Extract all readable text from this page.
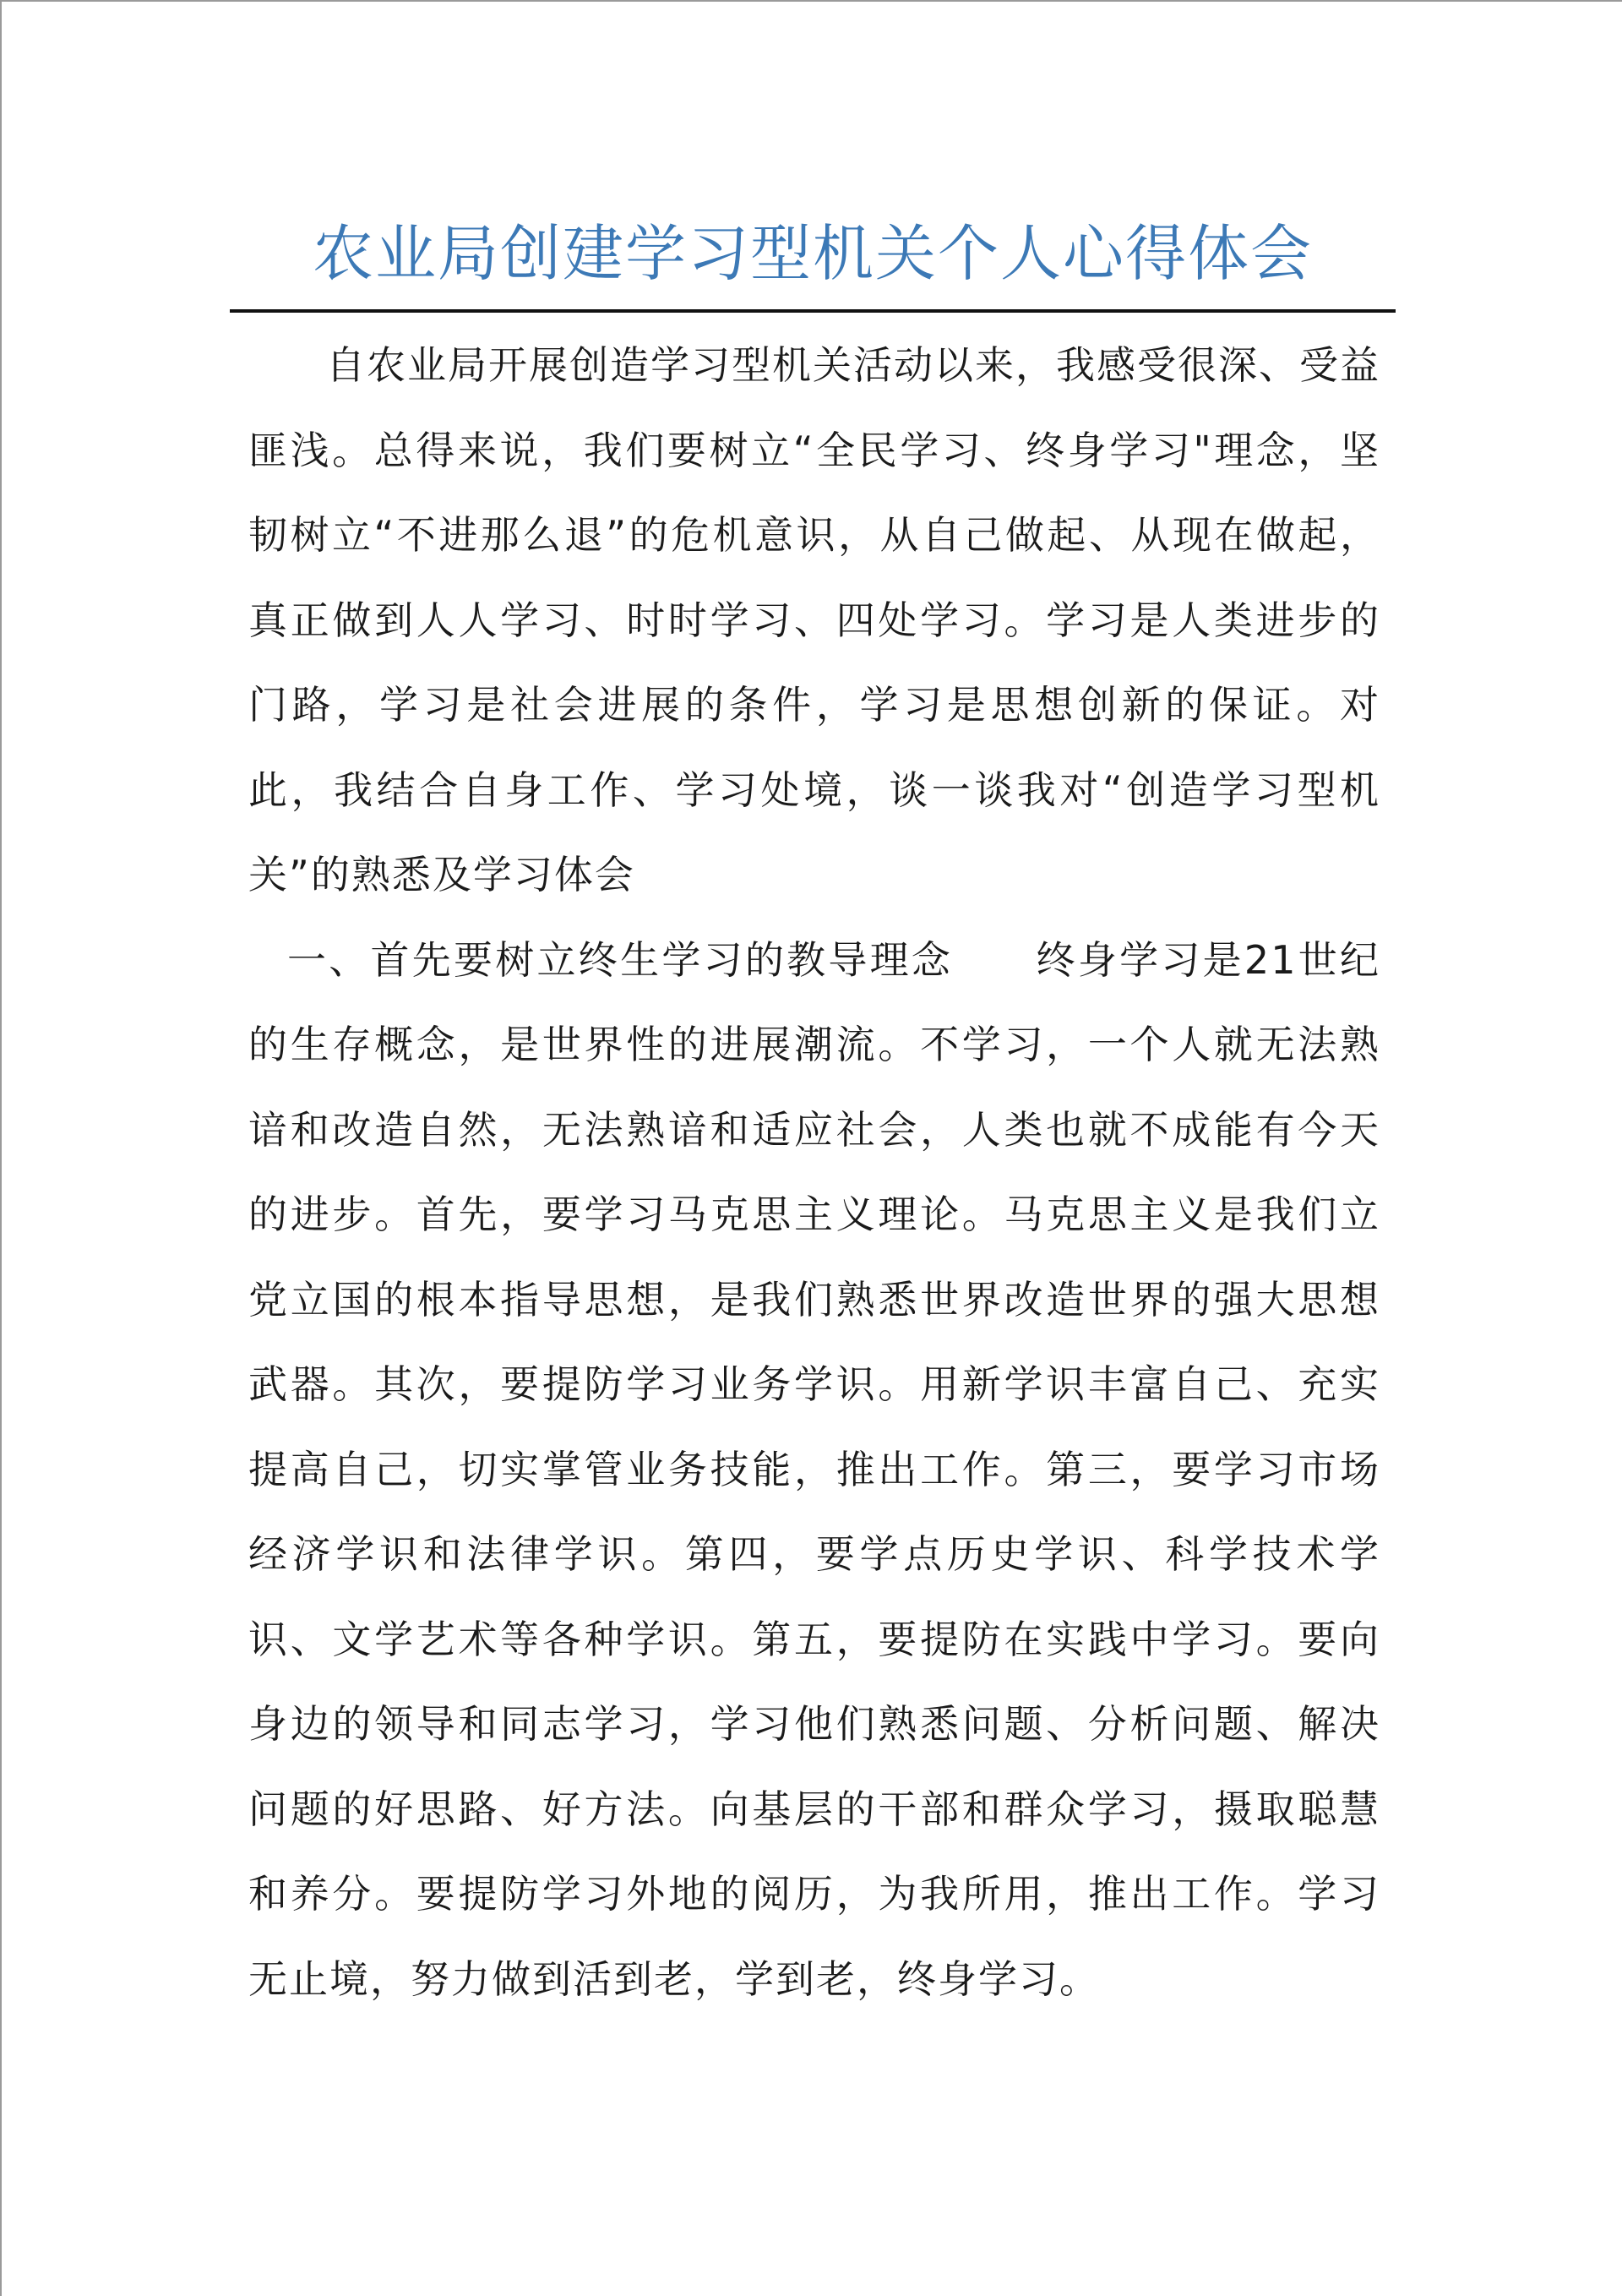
农业局创建学习型机关个人心得体会

自农业局开展创造学习型机关活动以来，我感受很深、受益匪浅。总得来说，我们要树立“全民学习、终身学习"理念，坚韧树立“不进那么退”的危机意识，从自己做起、从现在做起，真正做到人人学习、时时学习、四处学习。学习是人类进步的门路，学习是社会进展的条件，学习是思想创新的保证。对此，我结合自身工作、学习处境，谈一谈我对“创造学习型机关”的熟悉及学习体会

一、首先要树立终生学习的教导理念　　终身学习是21世纪的生存概念，是世界性的进展潮流。不学习，一个人就无法熟谙和改造自然，无法熟谙和适应社会，人类也就不成能有今天的进步。首先，要学习马克思主义理论。马克思主义是我们立党立国的根本指导思想，是我们熟悉世界改造世界的强大思想武器。其次，要提防学习业务学识。用新学识丰富自己、充实提高自己，切实掌管业务技能，推出工作。第三，要学习市场经济学识和法律学识。第四，要学点历史学识、科学技术学识、文学艺术等各种学识。第五，要提防在实践中学习。要向身边的领导和同志学习，学习他们熟悉问题、分析问题、解决问题的好思路、好方法。向基层的干部和群众学习，摄取聪慧和养分。要提防学习外地的阅历，为我所用，推出工作。学习无止境，努力做到活到老，学到老，终身学习。
